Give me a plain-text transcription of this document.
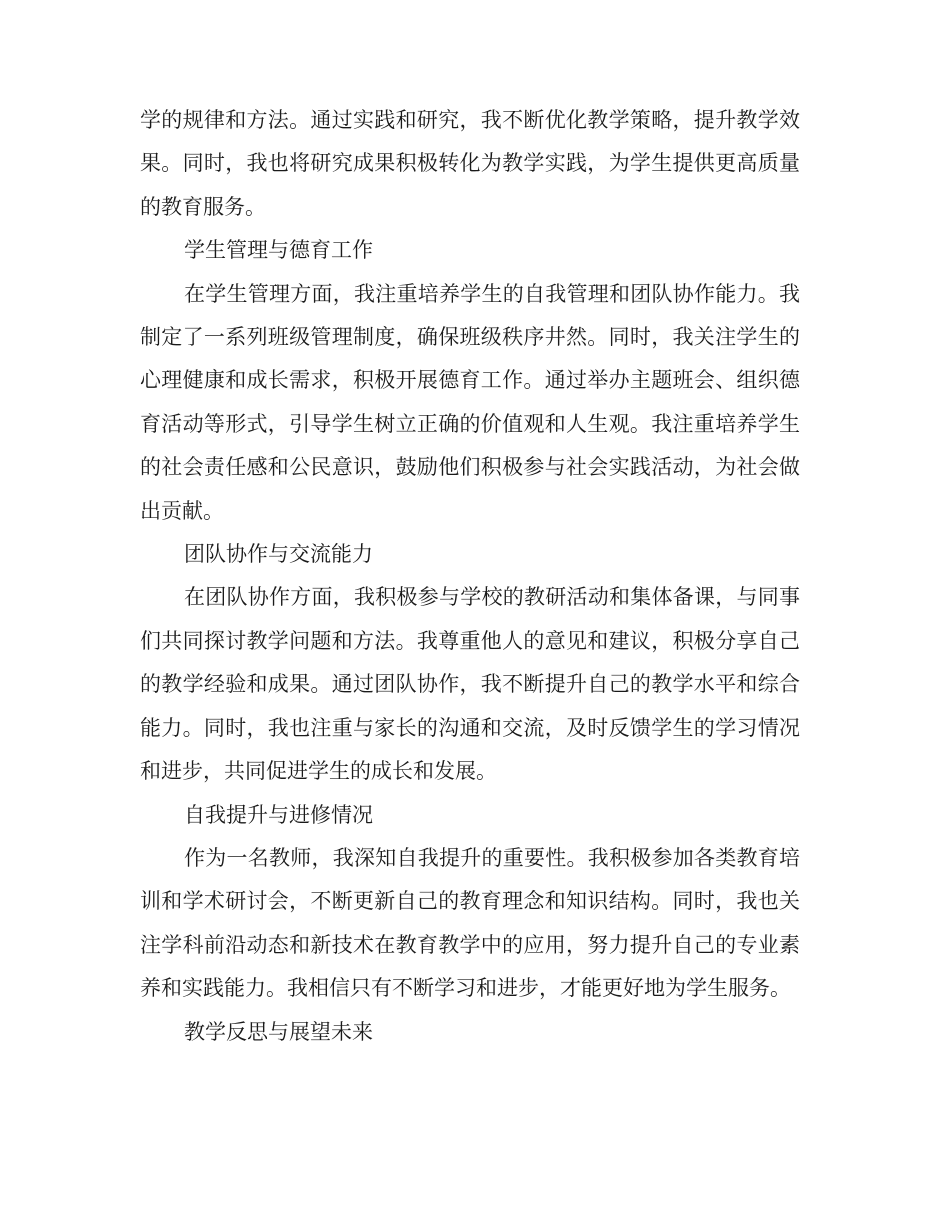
学的规律和方法。通过实践和研究，我不断优化教学策略，提升教学效果。同时，我也将研究成果积极转化为教学实践，为学生提供更高质量的教育服务。

学生管理与德育工作

在学生管理方面，我注重培养学生的自我管理和团队协作能力。我制定了一系列班级管理制度，确保班级秩序井然。同时，我关注学生的心理健康和成长需求，积极开展德育工作。通过举办主题班会、组织德育活动等形式，引导学生树立正确的价值观和人生观。我注重培养学生的社会责任感和公民意识，鼓励他们积极参与社会实践活动，为社会做出贡献。

团队协作与交流能力

在团队协作方面，我积极参与学校的教研活动和集体备课，与同事们共同探讨教学问题和方法。我尊重他人的意见和建议，积极分享自己的教学经验和成果。通过团队协作，我不断提升自己的教学水平和综合能力。同时，我也注重与家长的沟通和交流，及时反馈学生的学习情况和进步，共同促进学生的成长和发展。

自我提升与进修情况

作为一名教师，我深知自我提升的重要性。我积极参加各类教育培训和学术研讨会，不断更新自己的教育理念和知识结构。同时，我也关注学科前沿动态和新技术在教育教学中的应用，努力提升自己的专业素养和实践能力。我相信只有不断学习和进步，才能更好地为学生服务。

教学反思与展望未来
